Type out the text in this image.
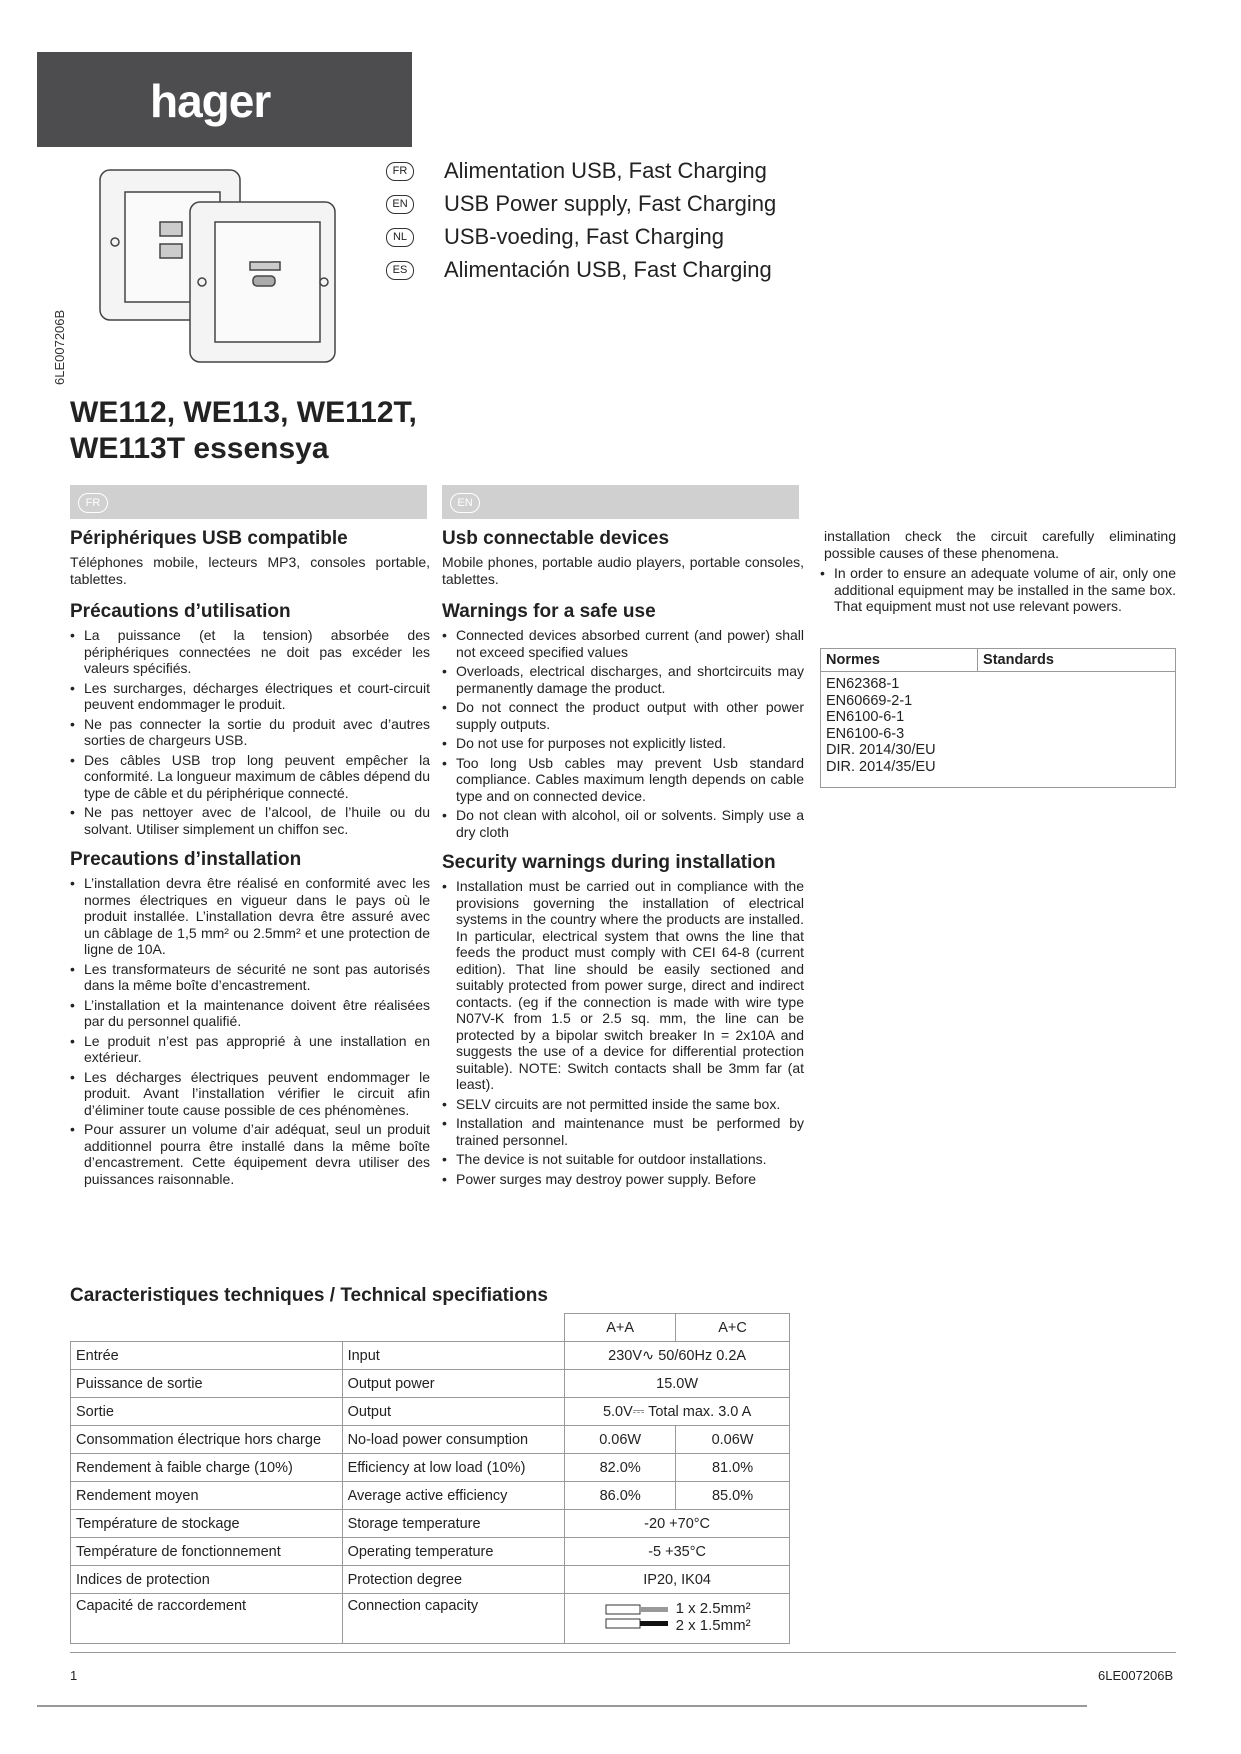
hager
6LE007206B
FR	Alimentation USB, Fast Charging
EN USB Power supply, Fast Charging
NL	USB-voeding, Fast Charging
ES	Alimentación USB, Fast Charging
WE112, WE113, WE112T,
WE113T essensya
FR	EN
Périphériques USB compatible

Téléphones mobile, lecteurs MP3, consoles portable, tablettes.

Précautions d’utilisation
• La puissance (et la tension) absorbée des périphériques connectées ne doit pas excéder les valeurs spécifiés.
• Les surcharges, décharges électriques et court-circuit peuvent endommager le produit.
• Ne pas connecter la sortie du produit avec d’autres sorties de chargeurs USB.
• Des câbles USB trop long peuvent empêcher la conformité. La longueur maximum de câbles dépend du type de câble et du périphérique connecté.
• Ne pas nettoyer avec de l’alcool, de l’huile ou du solvant. Utiliser simplement un chiffon sec.
Precautions d’installation
• L’installation devra être réalisé en conformité avec les normes électriques en vigueur dans le pays où le produit installée. L’installation devra être assuré avec un câblage de 1,5 mm² ou 2.5mm² et une protection de ligne de 10A.
• Les transformateurs de sécurité ne sont pas autorisés dans la même boîte d’encastrement.
• L’installation et la maintenance doivent être réalisées par du personnel qualifié.
• Le produit n’est pas approprié à une installation en extérieur.
• Les décharges électriques peuvent endommager le produit. Avant l’installation vérifier le circuit afin d’éliminer toute cause possible de ces phénomènes.
• Pour assurer un volume d’air adéquat, seul un produit additionnel pourra être installé dans la même boîte d’encastrement. Cette équipement devra utiliser des puissances raisonnable.
Usb connectable devices

Mobile phones, portable audio players, portable consoles, tablettes.

Warnings for a safe use
• Connected devices absorbed current (and power) shall not exceed specified values
• Overloads, electrical discharges, and shortcircuits may permanently damage the product.
• Do not connect the product output with other power supply outputs.
• Do not use for purposes not explicitly listed.
• Too long Usb cables may prevent Usb standard compliance. Cables maximum length depends on cable type and on connected device.
• Do not clean with alcohol, oil or solvents. Simply use a dry cloth
Security warnings during installation
• Installation must be carried out in compliance with the provisions governing the installation of electrical systems in the country where the products are installed. In particular, electrical system that owns the line that feeds the product must comply with CEI 64-8 (current edition). That line should be easily sectioned and suitably protected from power surge, direct and indirect contacts. (eg if the connection is made with wire type N07V-K from 1.5 or 2.5 sq. mm, the line can be protected by a bipolar switch breaker In = 2x10A and suggests the use of a device for differential protection suitable). NOTE: Switch contacts shall be 3mm far (at least).
• SELV circuits are not permitted inside the same box.
• Installation and maintenance must be performed by trained personnel.
• The device is not suitable for outdoor installations.
• Power surges may destroy power supply. Before

installation check the circuit carefully eliminating possible causes of these phenomena.

• In order to ensure an adequate volume of air, only one additional equipment may be installed in the same box. That equipment must not use relevant powers.
Normes	Standards

EN62368-1
EN60669-2-1
EN6100-6-1
EN6100-6-3
DIR. 2014/30/EU
DIR. 2014/35/EU
Caracteristiques techniques / Technical specifiations
		A+A	A+C
Entrée	Input	230V∿ 50/60Hz 0.2A	
Puissance de sortie	Output power	15.0W	
Sortie	Output	5.0V⎓ Total max. 3.0 A	
Consommation électrique hors charge	No-load power consumption	0.06W	0.06W
Rendement à faible charge (10%)	Efficiency at low load (10%)	82.0%	81.0%
Rendement moyen	Average active efficiency	86.0%	85.0%
Température de stockage	Storage temperature	-20 +70°C	
Température de fonctionnement	Operating temperature	-5 +35°C	
Indices de protection	Protection degree	IP20, IK04	
Capacité de raccordement	Connection capacity	1 x 2.5mm²
2 x 1.5mm²	
1	6LE007206B
